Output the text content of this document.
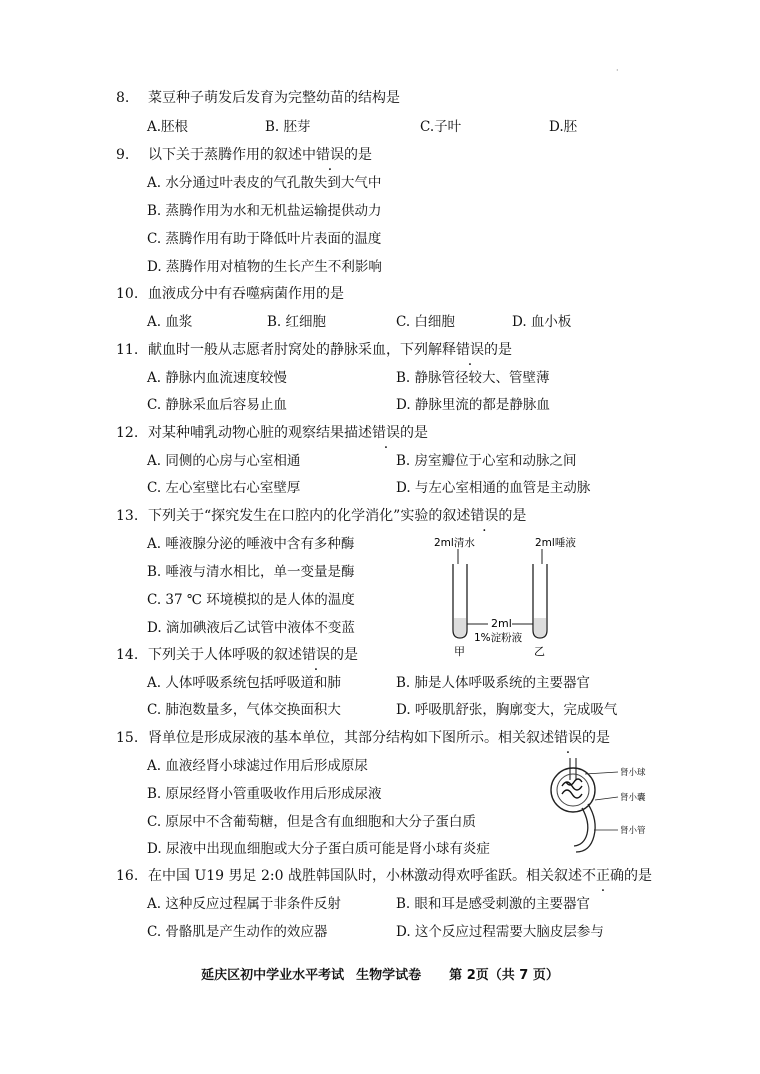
·
8. 菜豆种子萌发后发育为完整幼苗的结构是
A.胚根	B. 胚芽	C.子叶	D.胚
9. 以下关于蒸腾作用的叙述中错误的是
A. 水分通过叶表皮的气孔散失到大气中
B. 蒸腾作用为水和无机盐运输提供动力
C. 蒸腾作用有助于降低叶片表面的温度
D. 蒸腾作用对植物的生长产生不利影响
10. 血液成分中有吞噬病菌作用的是
A. 血浆	B. 红细胞	C. 白细胞	D. 血小板
11. 献血时一般从志愿者肘窝处的静脉采血，下列解释错误的是
A. 静脉内血流速度较慢	B. 静脉管径较大、管壁薄
C. 静脉采血后容易止血	D. 静脉里流的都是静脉血
12. 对某种哺乳动物心脏的观察结果描述错误的是
A. 同侧的心房与心室相通	B. 房室瓣位于心室和动脉之间
C. 左心室壁比右心室壁厚	D. 与左心室相通的血管是主动脉
13. 下列关于“探究发生在口腔内的化学消化”实验的叙述错误的是
A. 唾液腺分泌的唾液中含有多种酶
B. 唾液与清水相比，单一变量是酶
C. 37 ℃ 环境模拟的是人体的温度
D. 滴加碘液后乙试管中液体不变蓝
2ml清水	2ml唾液
2ml
1%淀粉液
甲	乙
14. 下列关于人体呼吸的叙述错误的是
A. 人体呼吸系统包括呼吸道和肺	B. 肺是人体呼吸系统的主要器官
C. 肺泡数量多，气体交换面积大	D. 呼吸肌舒张，胸廓变大，完成吸气
15. 肾单位是形成尿液的基本单位，其部分结构如下图所示。相关叙述错误的是
A. 血液经肾小球滤过作用后形成原尿
B. 原尿经肾小管重吸收作用后形成尿液
C. 原尿中不含葡萄糖，但是含有血细胞和大分子蛋白质
D. 尿液中出现血细胞或大分子蛋白质可能是肾小球有炎症
肾小球
肾小囊
肾小管
16. 在中国 U19 男足 2:0 战胜韩国队时，小林激动得欢呼雀跃。相关叙述不正确的是
A. 这种反应过程属于非条件反射	B. 眼和耳是感受刺激的主要器官
C. 骨骼肌是产生动作的效应器	D. 这个反应过程需要大脑皮层参与
延庆区初中学业水平考试 生物学试卷 第 2页（共 7 页）
